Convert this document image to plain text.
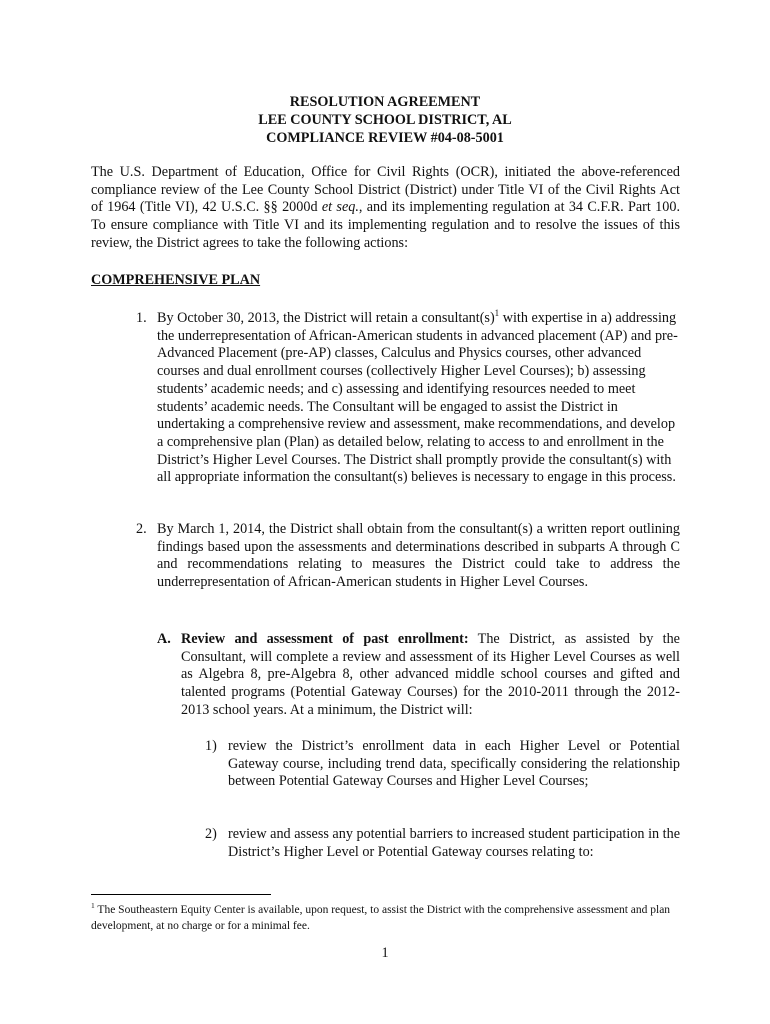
RESOLUTION AGREEMENT
LEE COUNTY SCHOOL DISTRICT, AL
COMPLIANCE REVIEW #04-08-5001
The U.S. Department of Education, Office for Civil Rights (OCR), initiated the above-referenced compliance review of the Lee County School District (District) under Title VI of the Civil Rights Act of 1964 (Title VI), 42 U.S.C. §§ 2000d et seq., and its implementing regulation at 34 C.F.R. Part 100. To ensure compliance with Title VI and its implementing regulation and to resolve the issues of this review, the District agrees to take the following actions:
COMPREHENSIVE PLAN
1. By October 30, 2013, the District will retain a $consultant(s)^1$ with expertise in a) addressing the underrepresentation of African-American students in advanced placement (AP) and pre-Advanced Placement (pre-AP) classes, Calculus and Physics courses, other advanced courses and dual enrollment courses (collectively Higher Level Courses); b) assessing students’ academic needs; and c) assessing and identifying resources needed to meet students’ academic needs. The Consultant will be engaged to assist the District in undertaking a comprehensive review and assessment, make recommendations, and develop a comprehensive plan (Plan) as detailed below, relating to access to and enrollment in the District’s Higher Level Courses. The District shall promptly provide the consultant(s) with all appropriate information the consultant(s) believes is necessary to engage in this process.
2. By March 1, 2014, the District shall obtain from the consultant(s) a written report outlining findings based upon the assessments and determinations described in subparts A through C and recommendations relating to measures the District could take to address the underrepresentation of African-American students in Higher Level Courses.
A. Review and assessment of past enrollment: The District, as assisted by the Consultant, will complete a review and assessment of its Higher Level Courses as well as Algebra 8, pre-Algebra 8, other advanced middle school courses and gifted and talented programs (Potential Gateway Courses) for the 2010-2011 through the 2012-2013 school years. At a minimum, the District will:
1) review the District’s enrollment data in each Higher Level or Potential Gateway course, including trend data, specifically considering the relationship between Potential Gateway Courses and Higher Level Courses;
2) review and assess any potential barriers to increased student participation in the District’s Higher Level or Potential Gateway courses relating to:
$^1$ The Southeastern Equity Center is available, upon request, to assist the District with the comprehensive assessment and plan development, at no charge or for a minimal fee.
1
